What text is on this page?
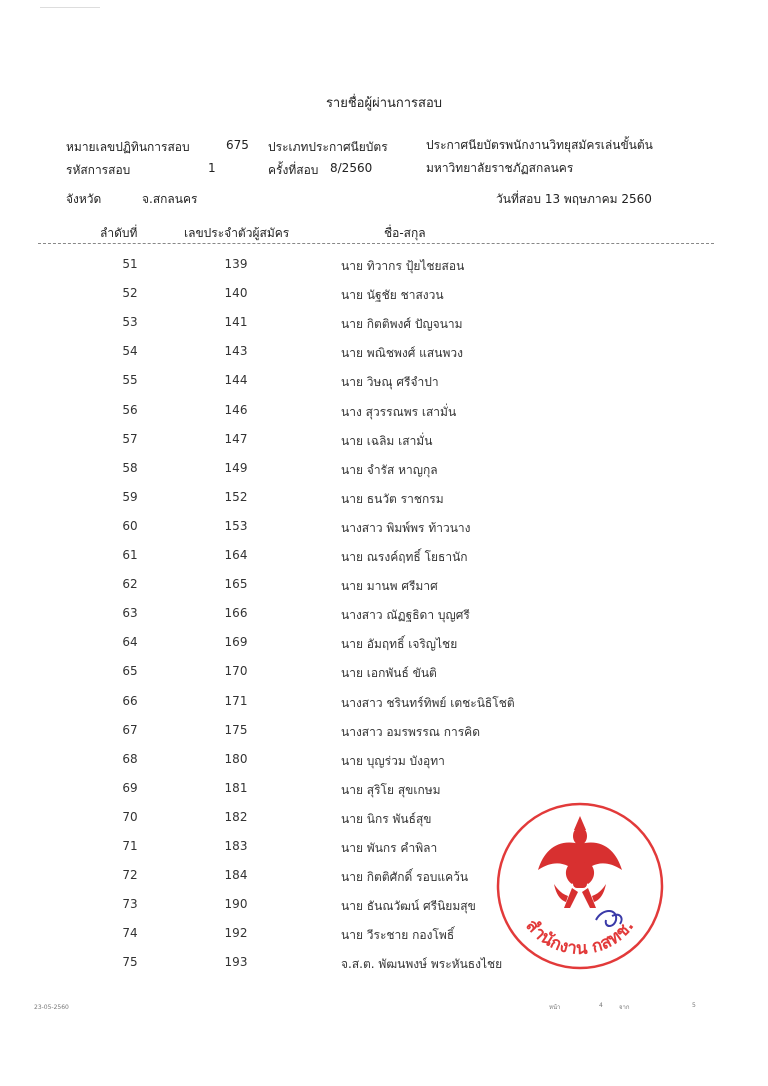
รายชื่อผู้ผ่านการสอบ
หมายเลขปฏิทินการสอบ	675 ประเภทประกาศนียบัตร	ประกาศนียบัตรพนักงานวิทยุสมัครเล่นขั้นต้น
รหัสการสอบ	1	ครั้งที่สอบ 8/2560	มหาวิทยาลัยราชภัฏสกลนคร
จังหวัด	จ.สกลนคร	วันที่สอบ 13 พฤษภาคม 2560
ลำดับที่	เลขประจำตัวผู้สมัคร	ชื่อ-สกุล
51	139	นาย ทิวากร ปุ้ยไชยสอน
52	140	นาย นัฐชัย ชาสงวน
53	141	นาย กิตติพงศ์ ปัญจนาม
54	143	นาย พณิชพงศ์ แสนพวง
55	144	นาย วิษณุ ศรีจำปา
56	146	นาง สุวรรณพร เสามั่น
57	147	นาย เฉลิม เสามั่น
58	149	นาย จำรัส หาญกุล
59	152	นาย ธนวัต ราชกรม
60	153	นางสาว พิมพ์พร ท้าวนาง
61	164	นาย ณรงค์ฤทธิ์ โยธานัก
62	165	นาย มานพ ศรีมาศ
63	166	นางสาว ณัฏฐธิดา บุญศรี
64	169	นาย อัมฤทธิ์ เจริญไชย
65	170	นาย เอกพันธ์ ขันติ
66	171	นางสาว ชรินทร์ทิพย์ เตชะนิธิโชติ
67	175	นางสาว อมรพรรณ การคิด
68	180	นาย บุญร่วม บังอุทา
69	181	นาย สุริโย สุขเกษม
70	182	นาย นิกร พันธ์สุข
71	183	นาย พันกร คำพิลา
72	184	นาย กิตติศักดิ์ รอบแคว้น
73	190	นาย ธันณวัฒน์ ศรีนิยมสุข
74	192	นาย วีระชาย กองโพธิ์
75	193	จ.ส.ต. พัฒนพงษ์ พระหันธงไชย
23-05-2560	หน้า	4	จาก	5
สำนักงาน กสทช.
